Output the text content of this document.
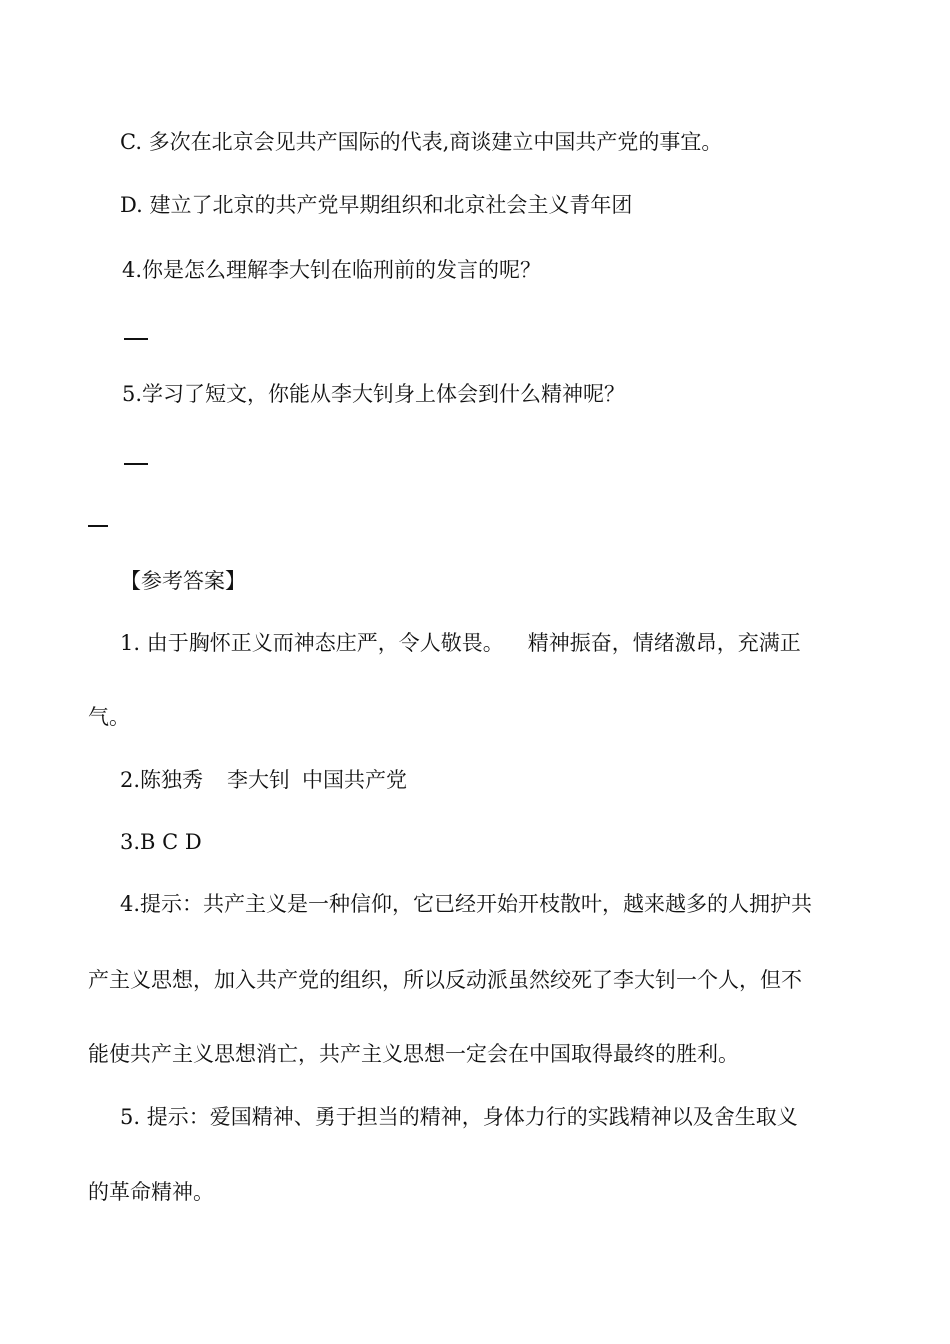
C. 多次在北京会见共产国际的代表,商谈建立中国共产党的事宜。
D. 建立了北京的共产党早期组织和北京社会主义青年团
4.你是怎么理解李大钊在临刑前的发言的呢？
5.学习了短文，你能从李大钊身上体会到什么精神呢？
【参考答案】
1. 由于胸怀正义而神态庄严，令人敬畏。 精神振奋，情绪激昂，充满正
气。
2.陈独秀 李大钊 中国共产党
3.B C D
4.提示：共产主义是一种信仰，它已经开始开枝散叶，越来越多的人拥护共
产主义思想，加入共产党的组织，所以反动派虽然绞死了李大钊一个人，但不
能使共产主义思想消亡，共产主义思想一定会在中国取得最终的胜利。
5. 提示：爱国精神、勇于担当的精神，身体力行的实践精神以及舍生取义
的革命精神。
